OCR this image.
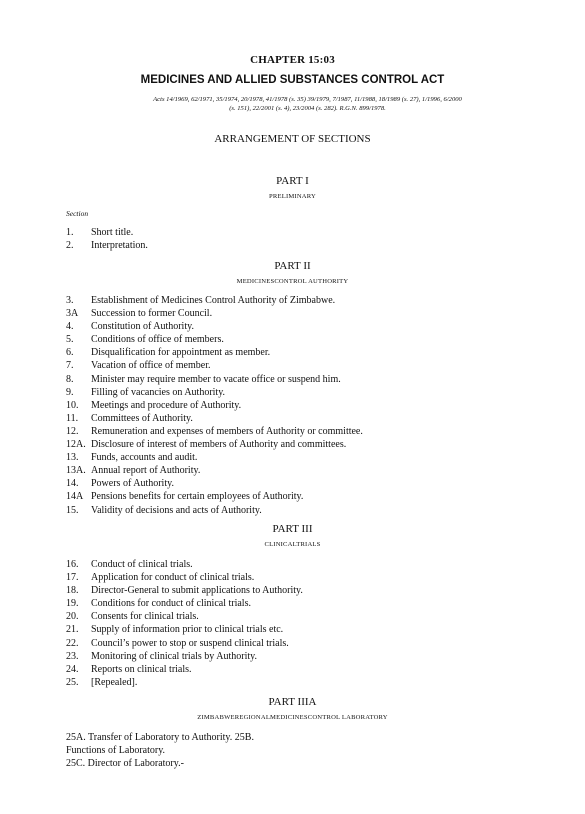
CHAPTER 15:03
MEDICINES AND ALLIED SUBSTANCES CONTROL ACT
Acts 14/1969, 62/1971, 35/1974, 20/1978, 41/1978 (s. 35) 39/1979, 7/1987, 11/1988, 18/1989 (s. 27), 1/1996, 6/2000
(s. 151), 22/2001 (s. 4), 23/2004 (s. 282). R.G.N. 899/1978.
ARRANGEMENT OF SECTIONS
PART I
PRELIMINARY
Section
1. Short title.
2. Interpretation.
PART II
MEDICINESCONTROL AUTHORITY
3. Establishment of Medicines Control Authority of Zimbabwe.
3A Succession to former Council.
4. Constitution of Authority.
5. Conditions of office of members.
6. Disqualification for appointment as member.
7. Vacation of office of member.
8. Minister may require member to vacate office or suspend him.
9. Filling of vacancies on Authority.
10. Meetings and procedure of Authority.
11. Committees of Authority.
12. Remuneration and expenses of members of Authority or committee.
12A. Disclosure of interest of members of Authority and committees.
13. Funds, accounts and audit.
13A. Annual report of Authority.
14. Powers of Authority.
14A Pensions benefits for certain employees of Authority.
15. Validity of decisions and acts of Authority.
PART III
CLINICALTRIALS
16. Conduct of clinical trials.
17. Application for conduct of clinical trials.
18. Director-General to submit applications to Authority.
19. Conditions for conduct of clinical trials.
20. Consents for clinical trials.
21. Supply of information prior to clinical trials etc.
22. Council’s power to stop or suspend clinical trials.
23. Monitoring of clinical trials by Authority.
24. Reports on clinical trials.
25. [Repealed].
PART IIIA
ZIMBABWEREGIONALMEDICINESCONTROL LABORATORY
25A. Transfer of Laboratory to Authority. 25B.
Functions of Laboratory.
25C. Director of Laboratory.-
